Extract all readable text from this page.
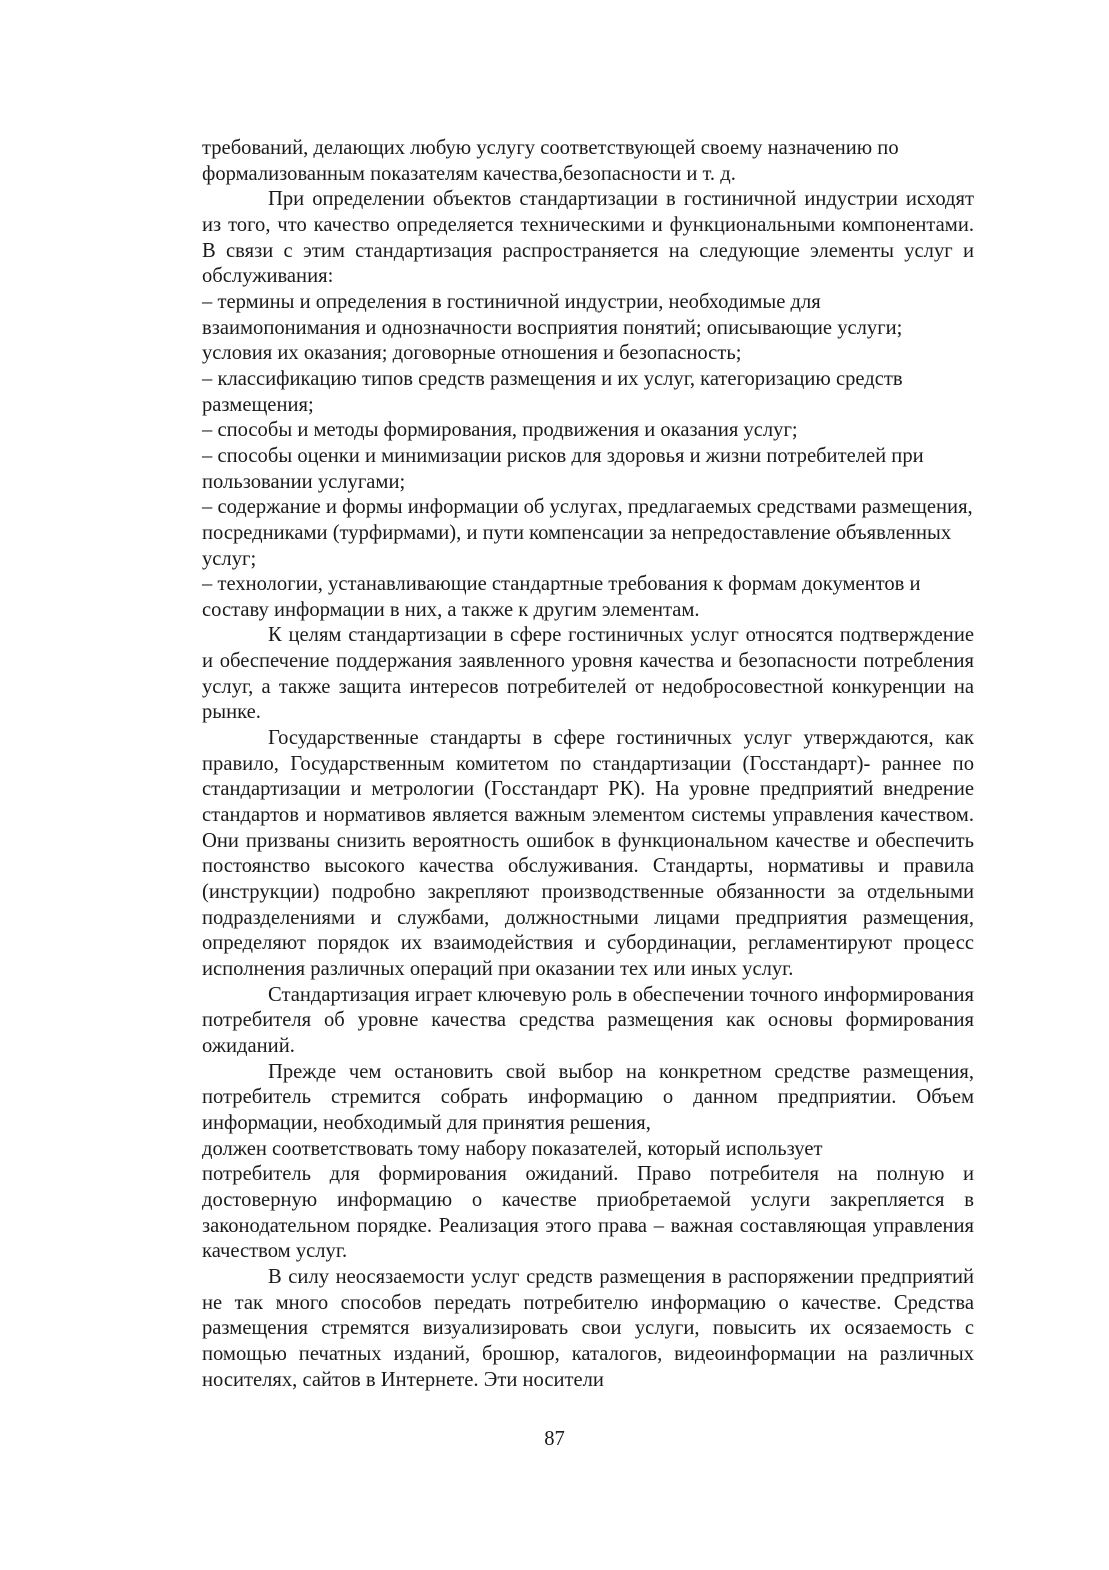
требований, делающих любую услугу соответствующей своему назначению по формализованным показателям качества,безопасности и т. д.

При определении объектов стандартизации в гостиничной индустрии исходят из того, что качество определяется техническими и функциональными компонентами. В связи с этим стандартизация распространяется на следующие элементы услуг и обслуживания:

– термины и определения в гостиничной индустрии, необходимые для взаимопонимания и однозначности восприятия понятий; описывающие услуги; условия их оказания; договорные отношения и безопасность;

– классификацию типов средств размещения и их услуг, категоризацию средств размещения;

– способы и методы формирования, продвижения и оказания услуг;

– способы оценки и минимизации рисков для здоровья и жизни потребителей при пользовании услугами;

– содержание и формы информации об услугах, предлагаемых средствами размещения, посредниками (турфирмами), и пути компенсации за непредоставление объявленных услуг;

– технологии, устанавливающие стандартные требования к формам документов и составу информации в них, а также к другим элементам.

К целям стандартизации в сфере гостиничных услуг относятся подтверждение и обеспечение поддержания заявленного уровня качества и безопасности потребления услуг, а также защита интересов потребителей от недобросовестной конкуренции на рынке.

Государственные стандарты в сфере гостиничных услуг утверждаются, как правило, Государственным комитетом по стандартизации (Госстандарт)- раннее по стандартизации и метрологии (Госстандарт РК). На уровне предприятий внедрение стандартов и нормативов является важным элементом системы управления качеством. Они призваны снизить вероятность ошибок в функциональном качестве и обеспечить постоянство высокого качества обслуживания. Стандарты, нормативы и правила (инструкции) подробно закрепляют производственные обязанности за отдельными подразделениями и службами, должностными лицами предприятия размещения, определяют порядок их взаимодействия и субординации, регламентируют процесс исполнения различных операций при оказании тех или иных услуг.

Стандартизация играет ключевую роль в обеспечении точного информирования потребителя об уровне качества средства размещения как основы формирования ожиданий.

Прежде чем остановить свой выбор на конкретном средстве размещения, потребитель стремится собрать информацию о данном предприятии. Объем информации, необходимый для принятия решения,

должен соответствовать тому набору показателей, который использует

потребитель для формирования ожиданий. Право потребителя на полную и достоверную информацию о качестве приобретаемой услуги закрепляется в законодательном порядке. Реализация этого права – важная составляющая управления качеством услуг.

В силу неосязаемости услуг средств размещения в распоряжении предприятий не так много способов передать потребителю информацию о качестве. Средства размещения стремятся визуализировать свои услуги, повысить их осязаемость с помощью печатных изданий, брошюр, каталогов, видеоинформации на различных носителях, сайтов в Интернете. Эти носители

87
